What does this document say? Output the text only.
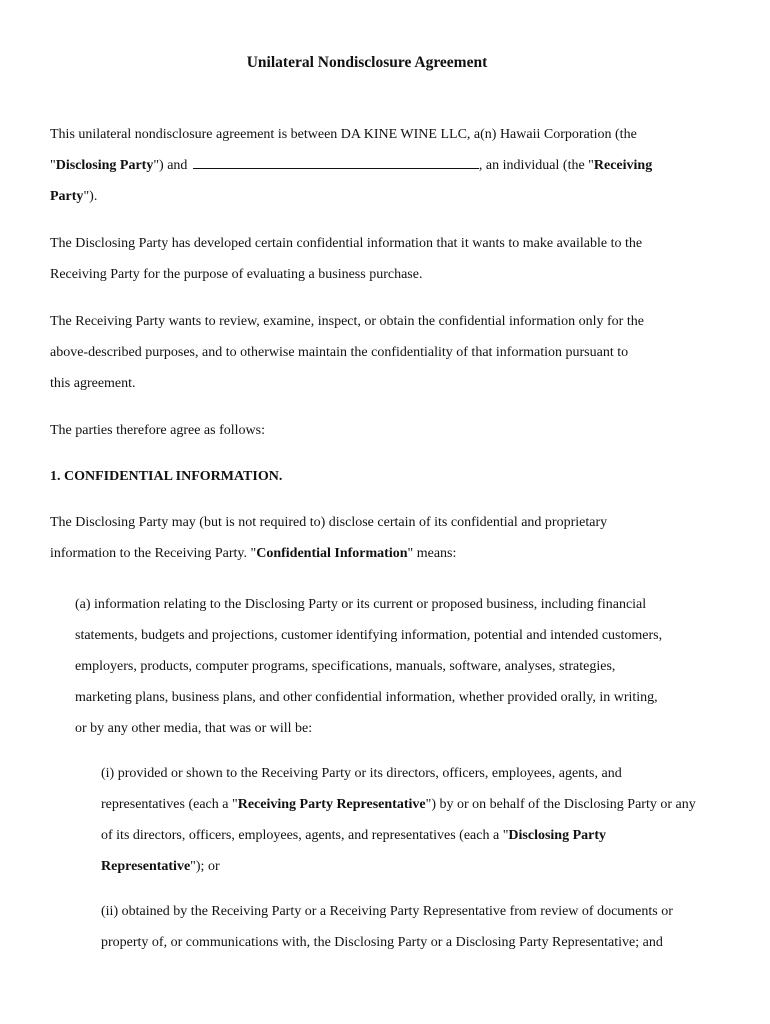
Unilateral Nondisclosure Agreement
This unilateral nondisclosure agreement is between DA KINE WINE LLC, a(n) Hawaii Corporation (the
"Disclosing Party") and	, an individual (the "Receiving
Party").
The Disclosing Party has developed certain confidential information that it wants to make available to the
Receiving Party for the purpose of evaluating a business purchase.
The Receiving Party wants to review, examine, inspect, or obtain the confidential information only for the
above-described purposes, and to otherwise maintain the confidentiality of that information pursuant to
this agreement.
The parties therefore agree as follows:
1. CONFIDENTIAL INFORMATION.
The Disclosing Party may (but is not required to) disclose certain of its confidential and proprietary
information to the Receiving Party. "Confidential Information" means:
(a) information relating to the Disclosing Party or its current or proposed business, including financial
statements, budgets and projections, customer identifying information, potential and intended customers,
employers, products, computer programs, specifications, manuals, software, analyses, strategies,
marketing plans, business plans, and other confidential information, whether provided orally, in writing,
or by any other media, that was or will be:
(i) provided or shown to the Receiving Party or its directors, officers, employees, agents, and
representatives (each a "Receiving Party Representative") by or on behalf of the Disclosing Party or any
of its directors, officers, employees, agents, and representatives (each a "Disclosing Party
Representative"); or
(ii) obtained by the Receiving Party or a Receiving Party Representative from review of documents or
property of, or communications with, the Disclosing Party or a Disclosing Party Representative; and
